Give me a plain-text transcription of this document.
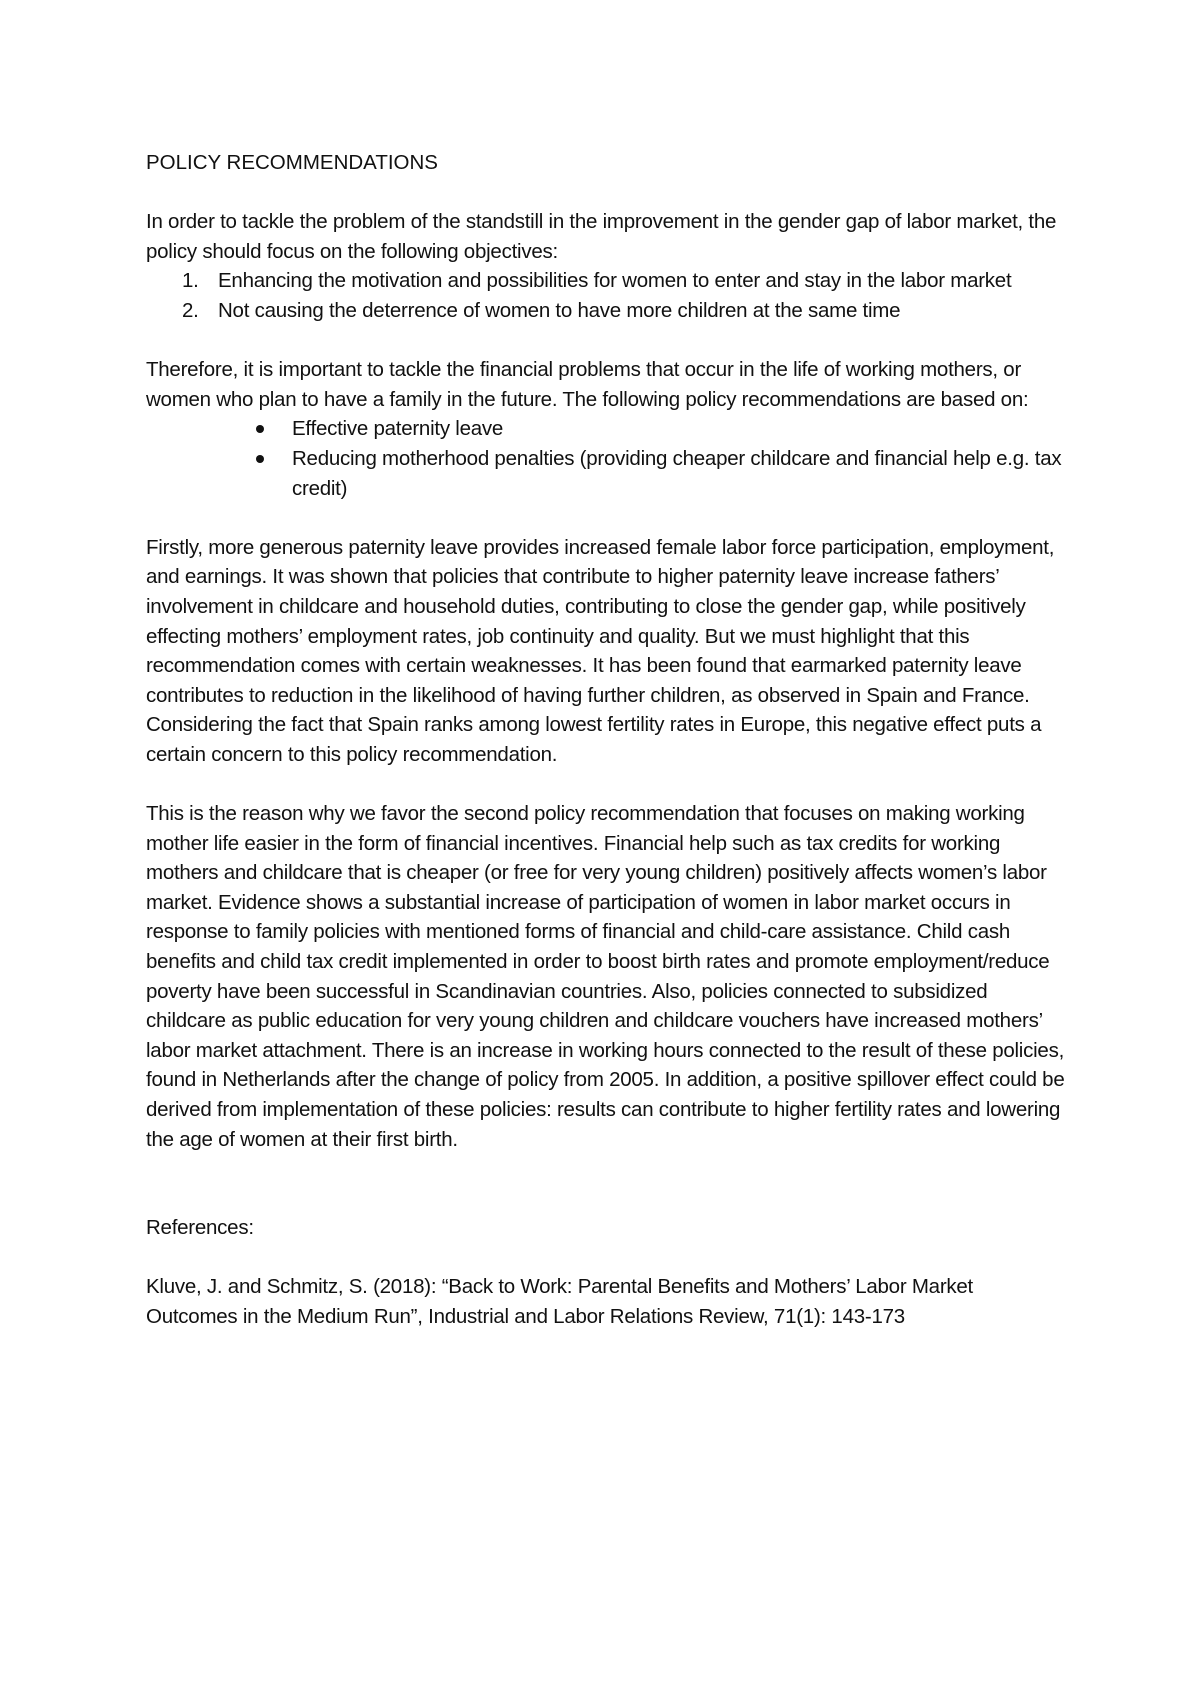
POLICY RECOMMENDATIONS

In order to tackle the problem of the standstill in the improvement in the gender gap of labor market, the policy should focus on the following objectives:

1. Enhancing the motivation and possibilities for women to enter and stay in the labor market
2. Not causing the deterrence of women to have more children at the same time

Therefore, it is important to tackle the financial problems that occur in the life of working mothers, or women who plan to have a family in the future. The following policy recommendations are based on:

Effective paternity leave
Reducing motherhood penalties (providing cheaper childcare and financial help e.g. tax credit)

Firstly, more generous paternity leave provides increased female labor force participation, employment, and earnings. It was shown that policies that contribute to higher paternity leave increase fathers’ involvement in childcare and household duties, contributing to close the gender gap, while positively effecting mothers’ employment rates, job continuity and quality. But we must highlight that this recommendation comes with certain weaknesses. It has been found that earmarked paternity leave contributes to reduction in the likelihood of having further children, as observed in Spain and France. Considering the fact that Spain ranks among lowest fertility rates in Europe, this negative effect puts a certain concern to this policy recommendation.

This is the reason why we favor the second policy recommendation that focuses on making working mother life easier in the form of financial incentives. Financial help such as tax credits for working mothers and childcare that is cheaper (or free for very young children) positively affects women’s labor market. Evidence shows a substantial increase of participation of women in labor market occurs in response to family policies with mentioned forms of financial and child-care assistance. Child cash benefits and child tax credit implemented in order to boost birth rates and promote employment/reduce poverty have been successful in Scandinavian countries. Also, policies connected to subsidized childcare as public education for very young children and childcare vouchers have increased mothers’ labor market attachment. There is an increase in working hours connected to the result of these policies, found in Netherlands after the change of policy from 2005. In addition, a positive spillover effect could be derived from implementation of these policies: results can contribute to higher fertility rates and lowering the age of women at their first birth.

References:

Kluve, J. and Schmitz, S. (2018): “Back to Work: Parental Benefits and Mothers’ Labor Market Outcomes in the Medium Run”, Industrial and Labor Relations Review, 71(1): 143-173
